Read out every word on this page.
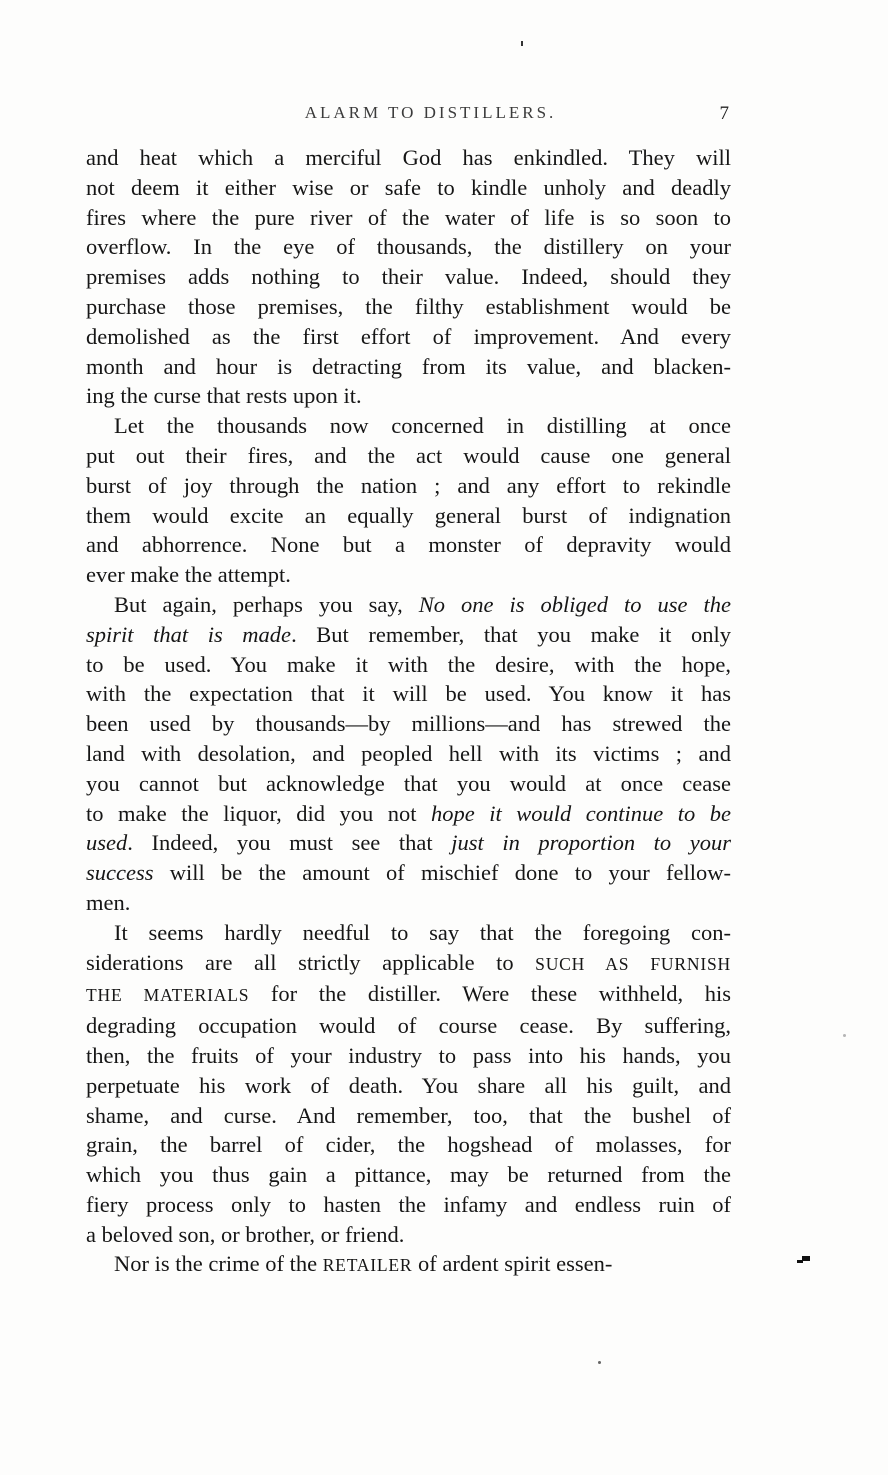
ALARM TO DISTILLERS.	7
and heat which a merciful God has enkindled. They will
not deem it either wise or safe to kindle unholy and deadly
fires where the pure river of the water of life is so soon to
overflow. In the eye of thousands, the distillery on your
premises adds nothing to their value. Indeed, should they
purchase those premises, the filthy establishment would be
demolished as the first effort of improvement. And every
month and hour is detracting from its value, and blacken-
ing the curse that rests upon it.
Let the thousands now concerned in distilling at once
put out their fires, and the act would cause one general
burst of joy through the nation ; and any effort to rekindle
them would excite an equally general burst of indignation
and abhorrence. None but a monster of depravity would
ever make the attempt.
But again, perhaps you say, No one is obliged to use the
spirit that is made. But remember, that you make it only
to be used. You make it with the desire, with the hope,
with the expectation that it will be used. You know it has
been used by thousands—by millions—and has strewed the
land with desolation, and peopled hell with its victims ; and
you cannot but acknowledge that you would at once cease
to make the liquor, did you not hope it would continue to be
used. Indeed, you must see that just in proportion to your
success will be the amount of mischief done to your fellow-
men.
It seems hardly needful to say that the foregoing con-
siderations are all strictly applicable to SUCH AS FURNISH
THE MATERIALS for the distiller. Were these withheld, his
degrading occupation would of course cease. By suffering,
then, the fruits of your industry to pass into his hands, you
perpetuate his work of death. You share all his guilt, and
shame, and curse. And remember, too, that the bushel of
grain, the barrel of cider, the hogshead of molasses, for
which you thus gain a pittance, may be returned from the
fiery process only to hasten the infamy and endless ruin of
a beloved son, or brother, or friend.
Nor is the crime of the RETAILER of ardent spirit essen-
